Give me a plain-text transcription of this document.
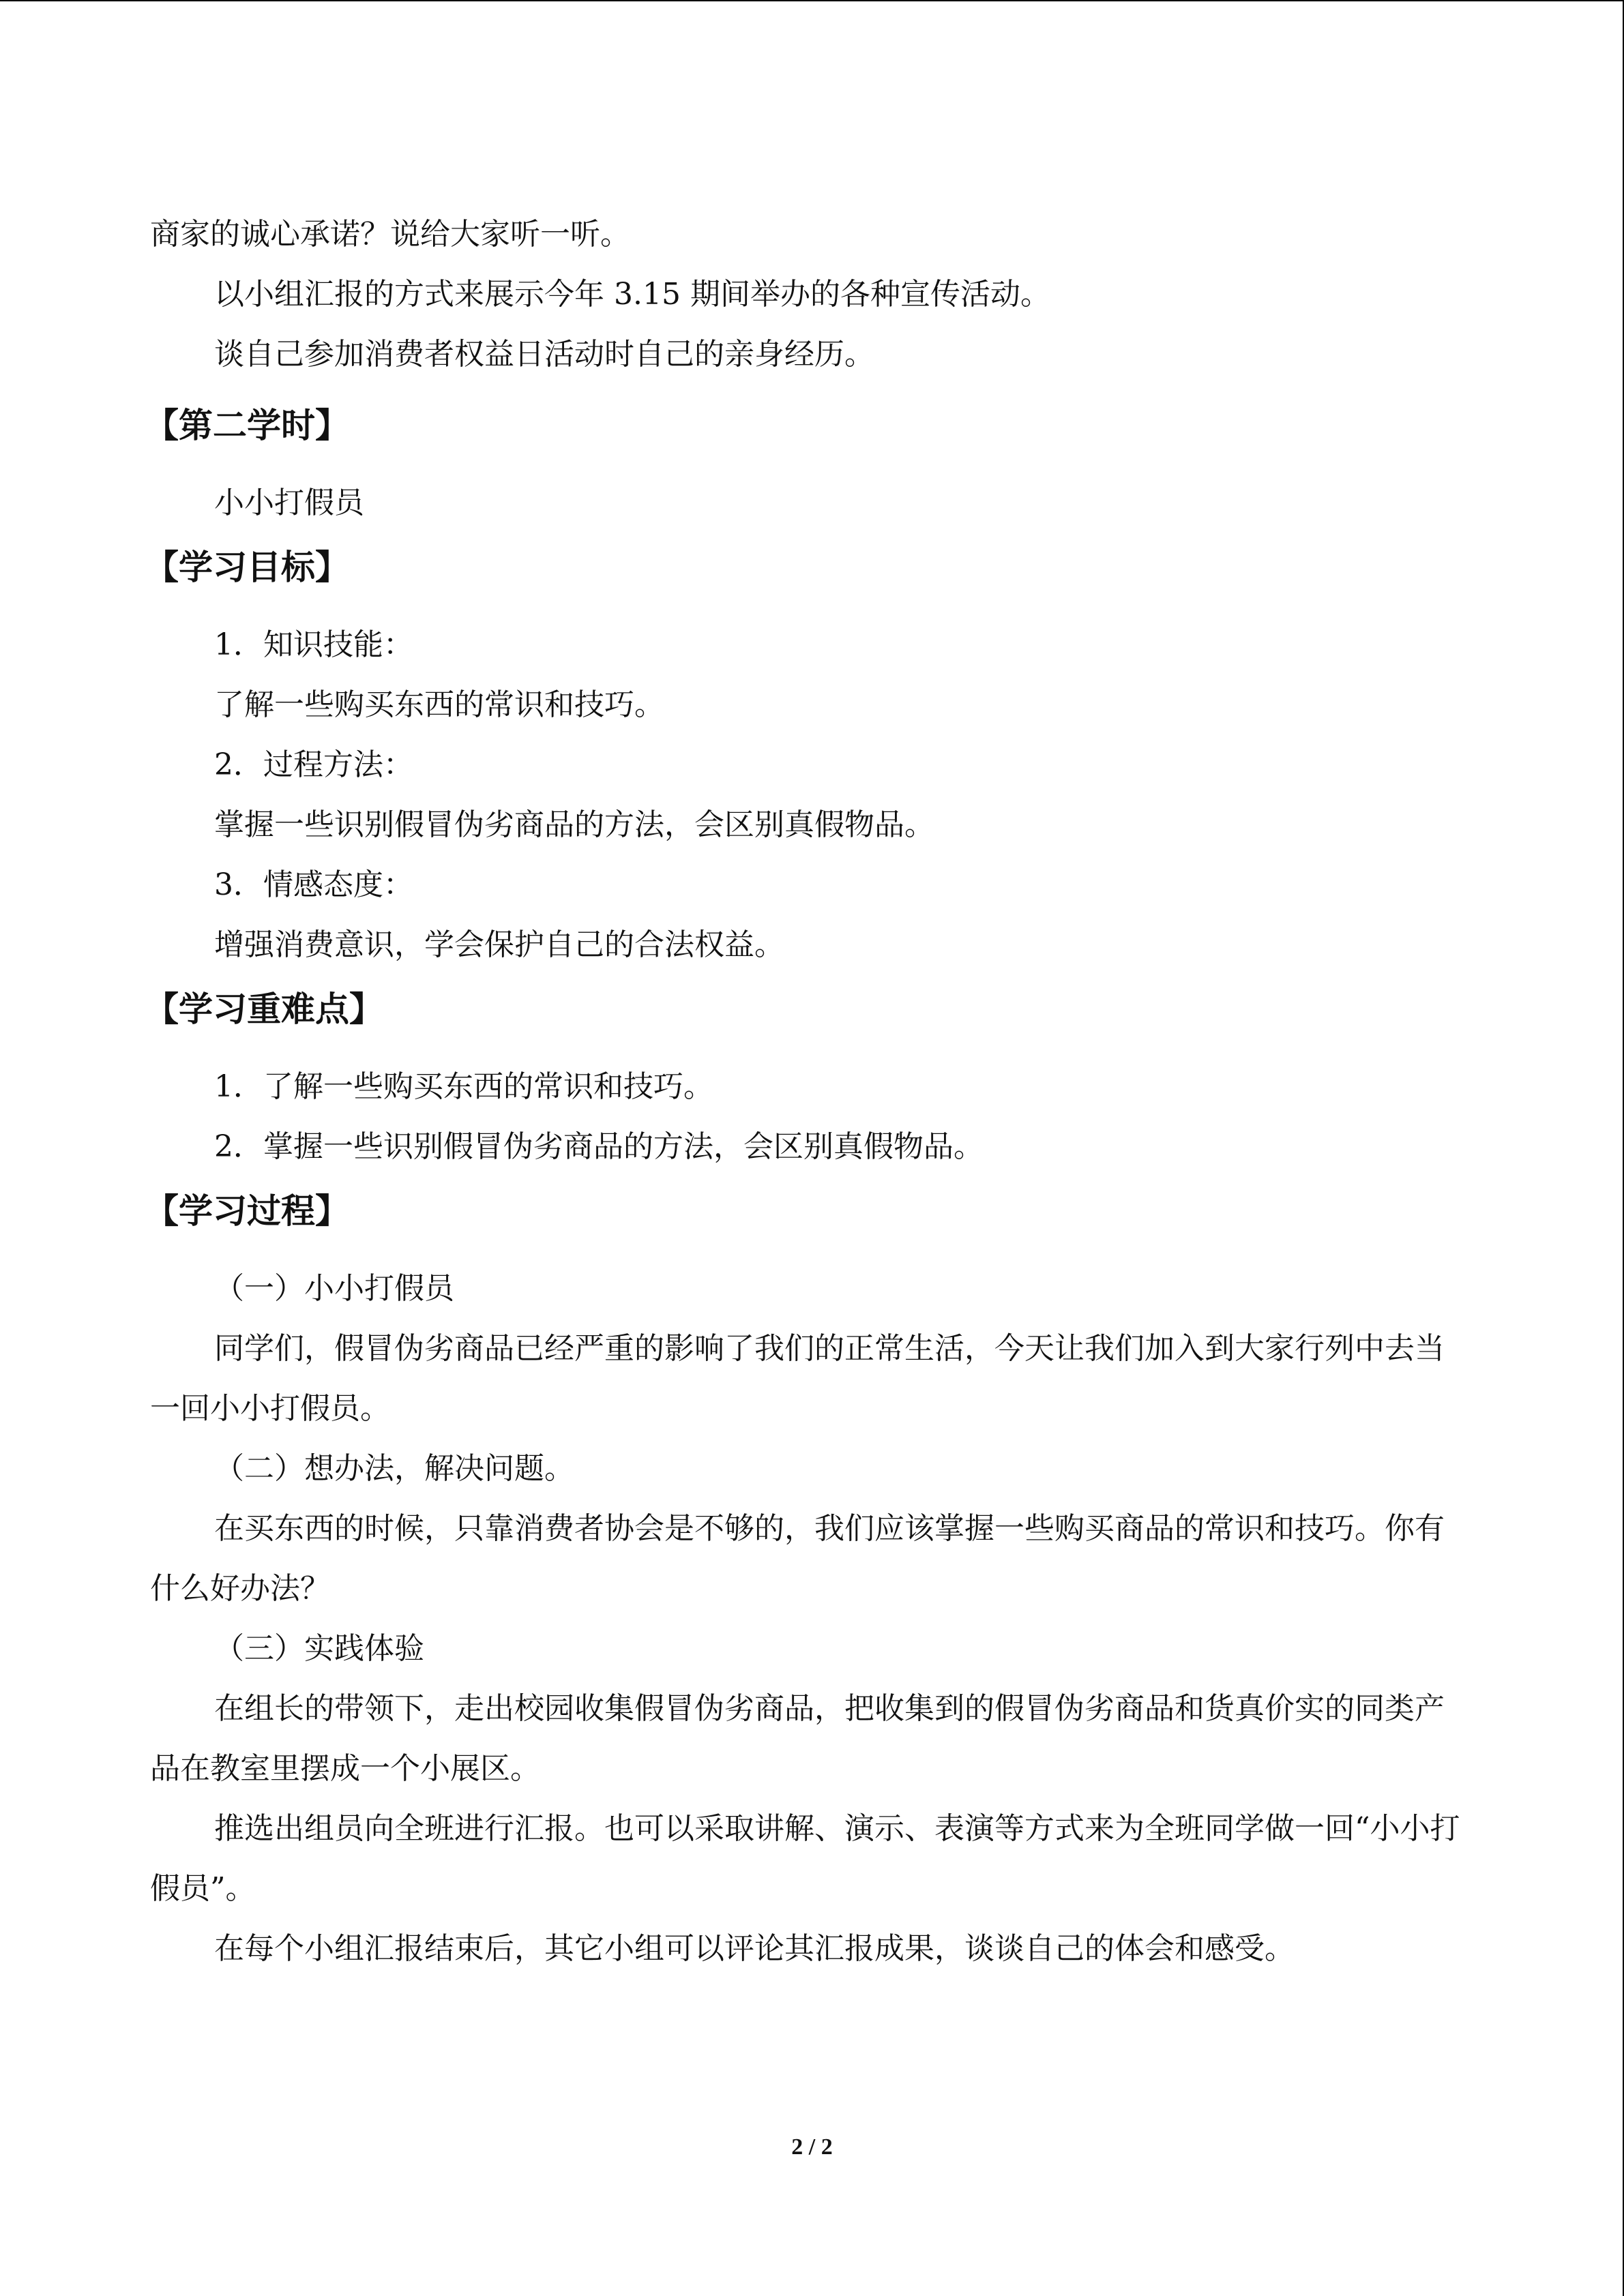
商家的诚心承诺？说给大家听一听。

以小组汇报的方式来展示今年 3.15 期间举办的各种宣传活动。

谈自己参加消费者权益日活动时自己的亲身经历。

【第二学时】

小小打假员

【学习目标】

1．知识技能：

了解一些购买东西的常识和技巧。

2．过程方法：

掌握一些识别假冒伪劣商品的方法，会区别真假物品。

3．情感态度：

增强消费意识，学会保护自己的合法权益。

【学习重难点】

1．了解一些购买东西的常识和技巧。

2．掌握一些识别假冒伪劣商品的方法，会区别真假物品。

【学习过程】

（一）小小打假员

同学们，假冒伪劣商品已经严重的影响了我们的正常生活，今天让我们加入到大家行列中去当一回小小打假员。

（二）想办法，解决问题。

在买东西的时候，只靠消费者协会是不够的，我们应该掌握一些购买商品的常识和技巧。你有什么好办法？

（三）实践体验

在组长的带领下，走出校园收集假冒伪劣商品，把收集到的假冒伪劣商品和货真价实的同类产品在教室里摆成一个小展区。

推选出组员向全班进行汇报。也可以采取讲解、演示、表演等方式来为全班同学做一回“小小打假员”。

在每个小组汇报结束后，其它小组可以评论其汇报成果，谈谈自己的体会和感受。

2 / 2
